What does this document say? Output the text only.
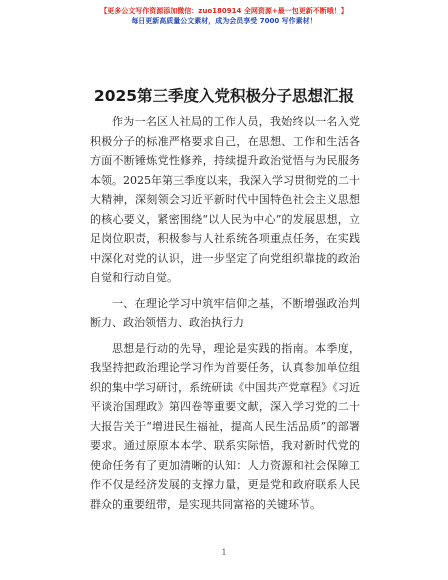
【更多公文写作资源添加微信：zuo180914 全网资源+最一包更新不断哦！】
每日更新高质量公文素材，成为会员享受 7000 写作素材！
2025第三季度入党积极分子思想汇报

作为一名区人社局的工作人员，我始终以一名入党积极分子的标准严格要求自己，在思想、工作和生活各方面不断锤炼党性修养，持续提升政治觉悟与为民服务本领。2025年第三季度以来，我深入学习贯彻党的二十大精神，深刻领会习近平新时代中国特色社会主义思想的核心要义，紧密围绕“以人民为中心”的发展思想，立足岗位职责，积极参与人社系统各项重点任务，在实践中深化对党的认识，进一步坚定了向党组织靠拢的政治自觉和行动自觉。

一、在理论学习中筑牢信仰之基，不断增强政治判断力、政治领悟力、政治执行力

思想是行动的先导，理论是实践的指南。本季度，我坚持把政治理论学习作为首要任务，认真参加单位组织的集中学习研讨，系统研读《中国共产党章程》《习近平谈治国理政》第四卷等重要文献，深入学习党的二十大报告关于“增进民生福祉，提高人民生活品质”的部署要求。通过原原本本学、联系实际悟，我对新时代党的使命任务有了更加清晰的认知：人力资源和社会保障工作不仅是经济发展的支撑力量，更是党和政府联系人民群众的重要纽带，是实现共同富裕的关键环节。

1
